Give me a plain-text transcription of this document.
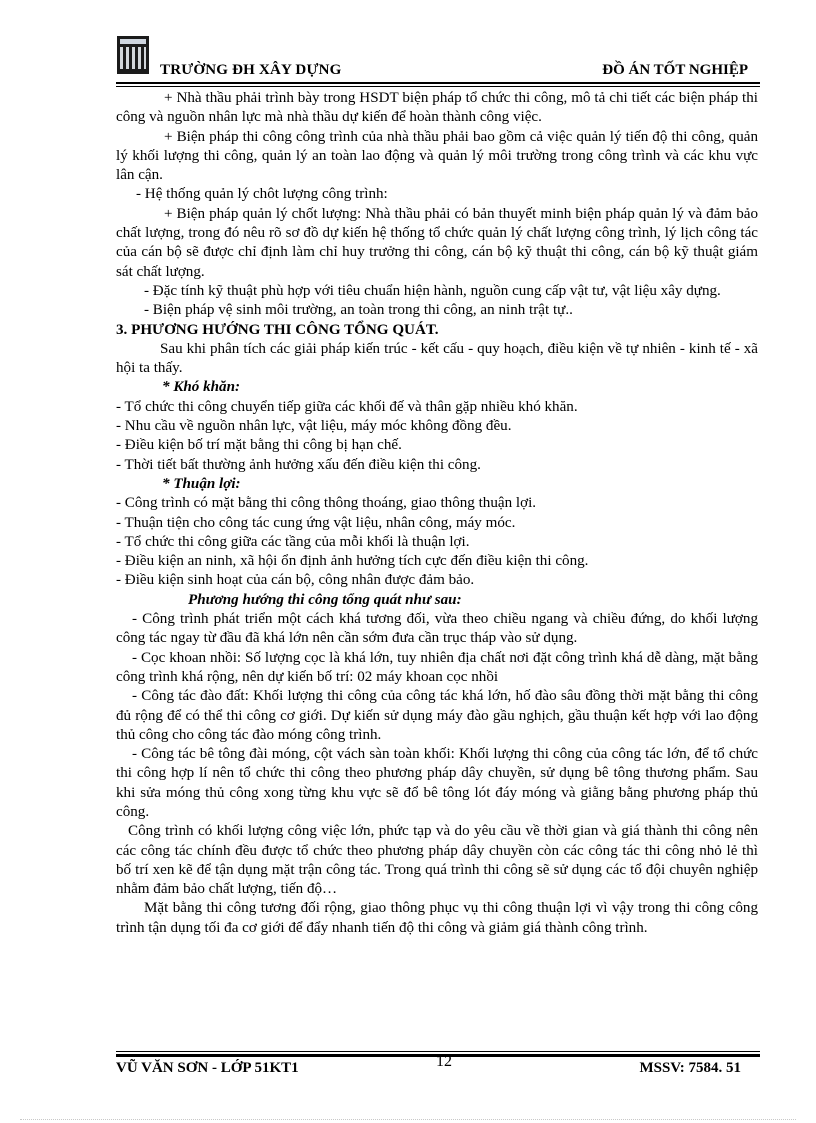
TRƯỜNG ĐH XÂY DỰNG	ĐỒ ÁN TỐT NGHIỆP

+ Nhà thầu phải trình bày trong HSDT biện pháp tổ chức thi công, mô tả chi tiết các biện pháp thi công và nguồn nhân lực mà nhà thầu dự kiến để hoàn thành công việc.

+ Biện pháp thi công công trình của nhà thầu phải bao gồm cả việc quản lý tiến độ thi công, quản lý khối lượng thi công, quản lý an toàn lao động và quản lý môi trường trong công trình và các khu vực lân cận.

- Hệ thống quản lý chôt lượng công trình:

+ Biện pháp quản lý chốt lượng: Nhà thầu phải có bản thuyết minh biện pháp quản lý và đảm bảo chất lượng, trong đó nêu rõ sơ đồ dự kiến hệ thống tổ chức quản lý chất lượng công trình, lý lịch công tác của cán bộ sẽ được chỉ định làm chỉ huy trưởng thi công, cán bộ kỹ thuật thi công, cán bộ kỹ thuật giám sát chất lượng.

- Đặc tính kỹ thuật phù hợp với tiêu chuẩn hiện hành, nguồn cung cấp vật tư, vật liệu xây dựng.

- Biện pháp vệ sinh môi trường, an toàn trong thi công, an ninh trật tự..

3. PHƯƠNG HƯỚNG THI CÔNG TỔNG QUÁT.

Sau khi phân tích các giải pháp kiến trúc - kết cấu - quy hoạch, điều kiện về tự nhiên - kinh tế - xã hội ta thấy.

* Khó khăn:

- Tổ chức thi công chuyển tiếp giữa các khối đế và thân gặp nhiều khó khăn.

- Nhu cầu về nguồn nhân lực, vật liệu, máy móc không đồng đều.

- Điều kiện bố trí mặt bằng thi công bị hạn chế.

- Thời tiết bất thường ảnh hưởng xấu đến điều kiện thi công.

* Thuận lợi:

- Công trình có mặt bằng thi công thông thoáng, giao thông thuận lợi.

- Thuận tiện cho công tác cung ứng vật liệu, nhân công, máy móc.

- Tổ chức thi công giữa các tầng của mỗi khối là thuận lợi.

- Điều kiện an ninh, xã hội ổn định ảnh hưởng tích cực đến điều kiện thi công.

- Điều kiện sinh hoạt của cán bộ, công nhân được đảm bảo.

Phương hướng thi công tổng quát như sau:

- Công trình phát triển một cách khá tương đối, vừa theo chiều ngang và chiều đứng, do khối lượng công tác ngay từ đầu đã khá lớn nên cần sớm đưa cần trục tháp vào sử dụng.

- Cọc khoan nhồi: Số lượng cọc là khá lớn, tuy nhiên địa chất nơi đặt công trình khá dễ dàng, mặt bằng công trình khá rộng, nên dự kiến bố trí: 02 máy khoan cọc nhồi

- Công tác đào đất: Khối lượng thi công của công tác khá lớn, hố đào sâu đồng thời mặt bằng thi công đủ rộng để có thể thi công cơ giới. Dự kiến sử dụng máy đào gầu nghịch, gầu thuận kết hợp với lao động thủ công cho công tác đào móng công trình.

- Công tác bê tông đài móng, cột vách sàn toàn khối: Khối lượng thi công của công tác lớn, để tổ chức thi công hợp lí nên tổ chức thi công theo phương pháp dây chuyền, sử dụng bê tông thương phẩm. Sau khi sửa móng thủ công xong từng khu vực sẽ đổ bê tông lót đáy móng và giằng bằng phương pháp thủ công.

Công trình có khối lượng công việc lớn, phức tạp và do yêu cầu về thời gian và giá thành thi công nên các công tác chính đều được tổ chức theo phương pháp dây chuyền còn các công tác thi công nhỏ lẻ thì bố trí xen kẽ để tận dụng mặt trận công tác. Trong quá trình thi công sẽ sử dụng các tổ đội chuyên nghiệp nhằm đảm bảo chất lượng, tiến độ…

Mặt bằng thi công tương đối rộng, giao thông phục vụ thi công thuận lợi vì vậy trong thi công công trình tận dụng tối đa cơ giới để đẩy nhanh tiến độ thi công và giảm giá thành công trình.

VŨ VĂN SƠN - LỚP 51KT1	12	MSSV: 7584. 51
